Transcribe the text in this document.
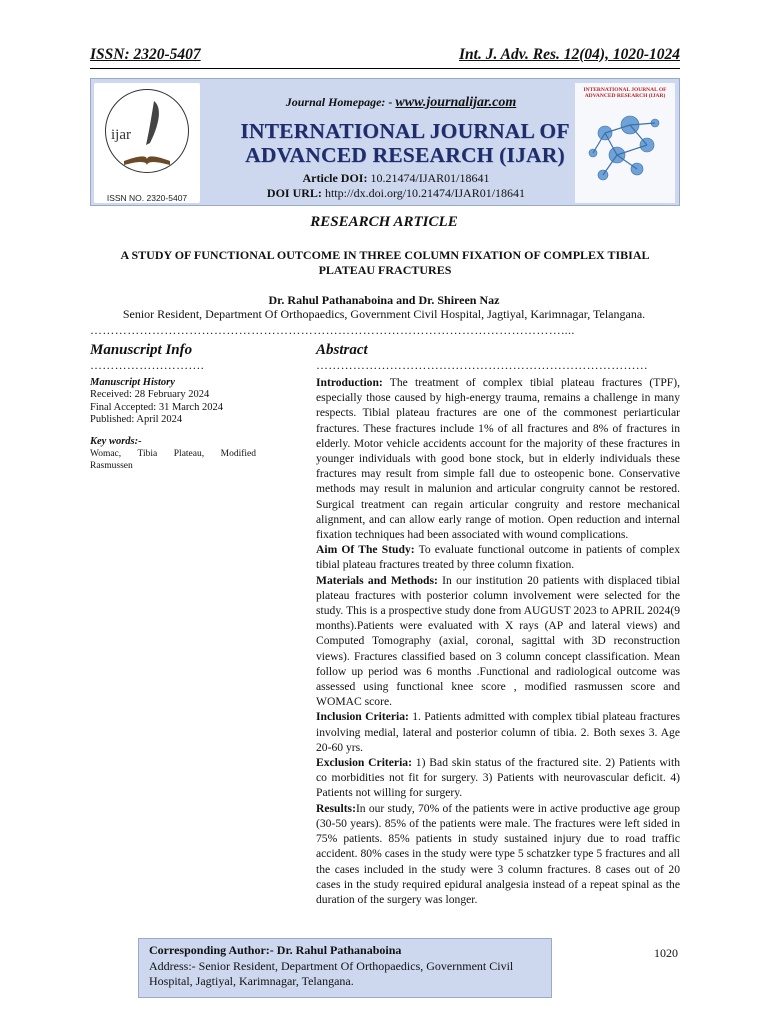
ISSN: 2320-5407	Int. J. Adv. Res. 12(04), 1020-1024
ijar
ISSN NO. 2320-5407
Journal Homepage: - www.journalijar.com
INTERNATIONAL JOURNAL OF
ADVANCED RESEARCH (IJAR)
Article DOI: 10.21474/IJAR01/18641
DOI URL: http://dx.doi.org/10.21474/IJAR01/18641
INTERNATIONAL JOURNAL OF ADVANCED RESEARCH (IJAR)
RESEARCH ARTICLE
A STUDY OF FUNCTIONAL OUTCOME IN THREE COLUMN FIXATION OF COMPLEX TIBIAL PLATEAU FRACTURES
Dr. Rahul Pathanaboina and Dr. Shireen Naz
Senior Resident, Department Of Orthopaedics, Government Civil Hospital, Jagtiyal, Karimnagar, Telangana.
……………………………………………………………………………………………………....
Manuscript Info
……………………….
Manuscript History
Received: 28 February 2024
Final Accepted: 31 March 2024
Published: April 2024
Key words:-
Womac, Tibia Plateau, Modified Rasmussen
Abstract
………………………………………………………………………

Introduction: The treatment of complex tibial plateau fractures (TPF), especially those caused by high-energy trauma, remains a challenge in many respects. Tibial plateau fractures are one of the commonest periarticular fractures. These fractures include 1% of all fractures and 8% of fractures in elderly. Motor vehicle accidents account for the majority of these fractures in younger individuals with good bone stock, but in elderly individuals these fractures may result from simple fall due to osteopenic bone. Conservative methods may result in malunion and articular congruity cannot be restored. Surgical treatment can regain articular congruity and restore mechanical alignment, and can allow early range of motion. Open reduction and internal fixation techniques had been associated with wound complications.

Aim Of The Study: To evaluate functional outcome in patients of complex tibial plateau fractures treated by three column fixation.

Materials and Methods: In our institution 20 patients with displaced tibial plateau fractures with posterior column involvement were selected for the study. This is a prospective study done from AUGUST 2023 to APRIL 2024(9 months).Patients were evaluated with X rays (AP and lateral views) and Computed Tomography (axial, coronal, sagittal with 3D reconstruction views). Fractures classified based on 3 column concept classification. Mean follow up period was 6 months .Functional and radiological outcome was assessed using functional knee score , modified rasmussen score and WOMAC score.

Inclusion Criteria: 1. Patients admitted with complex tibial plateau fractures involving medial, lateral and posterior column of tibia. 2. Both sexes 3. Age 20-60 yrs.

Exclusion Criteria: 1) Bad skin status of the fractured site. 2) Patients with co morbidities not fit for surgery. 3) Patients with neurovascular deficit. 4) Patients not willing for surgery.

Results:In our study, 70% of the patients were in active productive age group (30-50 years). 85% of the patients were male. The fractures were left sided in 75% patients. 85% patients in study sustained injury due to road traffic accident. 80% cases in the study were type 5 schatzker type 5 fractures and all the cases included in the study were 3 column fractures. 8 cases out of 20 cases in the study required epidural analgesia instead of a repeat spinal as the duration of the surgery was longer.

Corresponding Author:- Dr. Rahul Pathanaboina
Address:- Senior Resident, Department Of Orthopaedics, Government Civil Hospital, Jagtiyal, Karimnagar, Telangana.
1020
